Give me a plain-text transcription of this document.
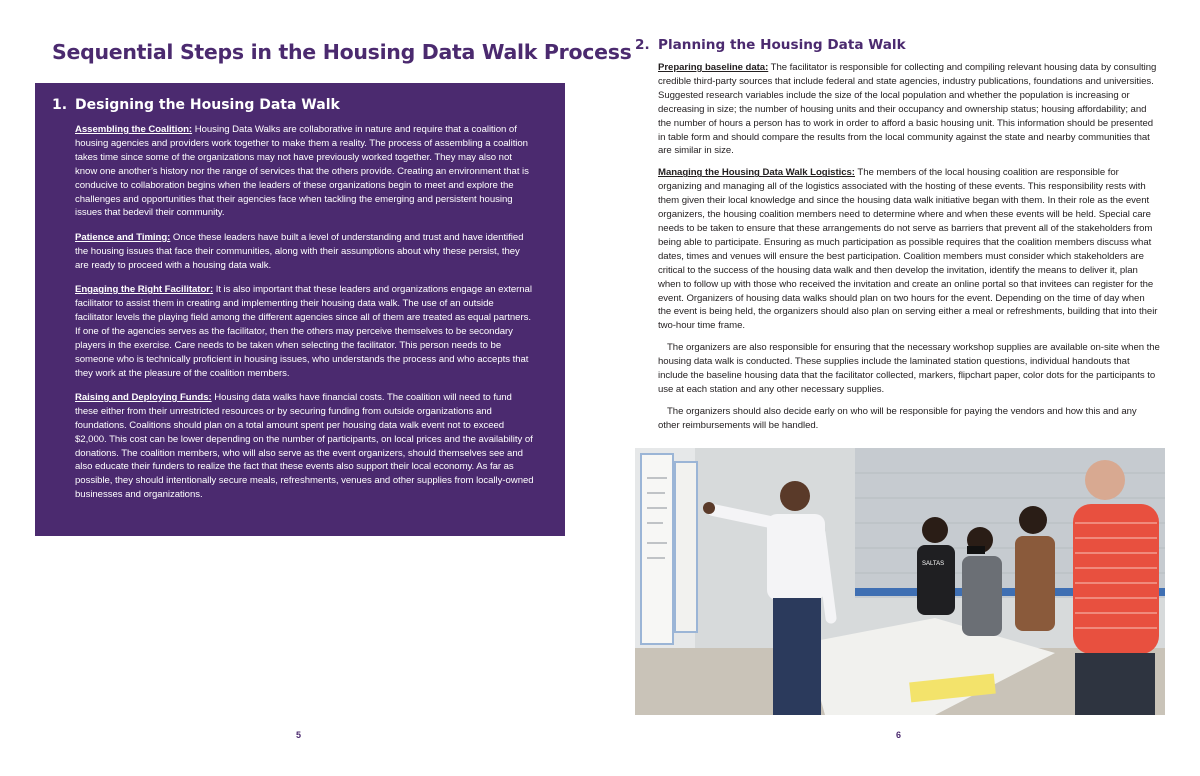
Sequential Steps in the Housing Data Walk Process
1. Designing the Housing Data Walk

Assembling the Coalition: Housing Data Walks are collaborative in nature and require that a coalition of housing agencies and providers work together to make them a reality. The process of assembling a coalition takes time since some of the organizations may not have previously worked together. They may also not know one another’s history nor the range of services that the others provide. Creating an environment that is conducive to collaboration begins when the leaders of these organizations begin to meet and explore the challenges and opportunities that their agencies face when tackling the emerging and persistent housing issues that bedevil their community.

Patience and Timing: Once these leaders have built a level of understanding and trust and have identified the housing issues that face their communities, along with their assumptions about why these persist, they are ready to proceed with a housing data walk.

Engaging the Right Facilitator: It is also important that these leaders and organizations engage an external facilitator to assist them in creating and implementing their housing data walk. The use of an outside facilitator levels the playing field among the different agencies since all of them are treated as equal partners. If one of the agencies serves as the facilitator, then the others may perceive themselves to be secondary players in the exercise. Care needs to be taken when selecting the facilitator. This person needs to be someone who is technically proficient in housing issues, who understands the process and who accepts that they work at the pleasure of the coalition members.

Raising and Deploying Funds: Housing data walks have financial costs. The coalition will need to fund these either from their unrestricted resources or by securing funding from outside organizations and foundations. Coalitions should plan on a total amount spent per housing data walk event not to exceed $2,000. This cost can be lower depending on the number of participants, on local prices and the availability of donations. The coalition members, who will also serve as the event organizers, should themselves see and also educate their funders to realize the fact that these events also support their local economy. As far as possible, they should intentionally secure meals, refreshments, venues and other supplies from locally-owned businesses and organizations.

5
2. Planning the Housing Data Walk

Preparing baseline data: The facilitator is responsible for collecting and compiling relevant housing data by consulting credible third-party sources that include federal and state agencies, industry publications, foundations and universities. Suggested research variables include the size of the local population and whether the population is increasing or decreasing in size; the number of housing units and their occupancy and ownership status; housing affordability; and the number of hours a person has to work in order to afford a basic housing unit. This information should be presented in table form and should compare the results from the local community against the state and nearby communities that are similar in size.

Managing the Housing Data Walk Logistics: The members of the local housing coalition are responsible for organizing and managing all of the logistics associated with the hosting of these events. This responsibility rests with them given their local knowledge and since the housing data walk initiative began with them. In their role as the event organizers, the housing coalition members need to determine where and when these events will be held. Special care needs to be taken to ensure that these arrangements do not serve as barriers that prevent all of the stakeholders from being able to participate. Ensuring as much participation as possible requires that the coalition members discuss what dates, times and venues will ensure the best participation. Coalition members must consider which stakeholders are critical to the success of the housing data walk and then develop the invitation, identify the means to deliver it, plan when to follow up with those who received the invitation and create an online portal so that invitees can register for the event. Organizers of housing data walks should plan on two hours for the event. Depending on the time of day when the event is being held, the organizers should also plan on serving either a meal or refreshments, building that into their two-hour time frame.

The organizers are also responsible for ensuring that the necessary workshop supplies are available on-site when the housing data walk is conducted. These supplies include the laminated station questions, individual handouts that include the baseline housing data that the facilitator collected, markers, flipchart paper, color dots for the participants to use at each station and any other necessary supplies.

The organizers should also decide early on who will be responsible for paying the vendors and how this and any other reimbursements will be handled.

SALTAS
6
